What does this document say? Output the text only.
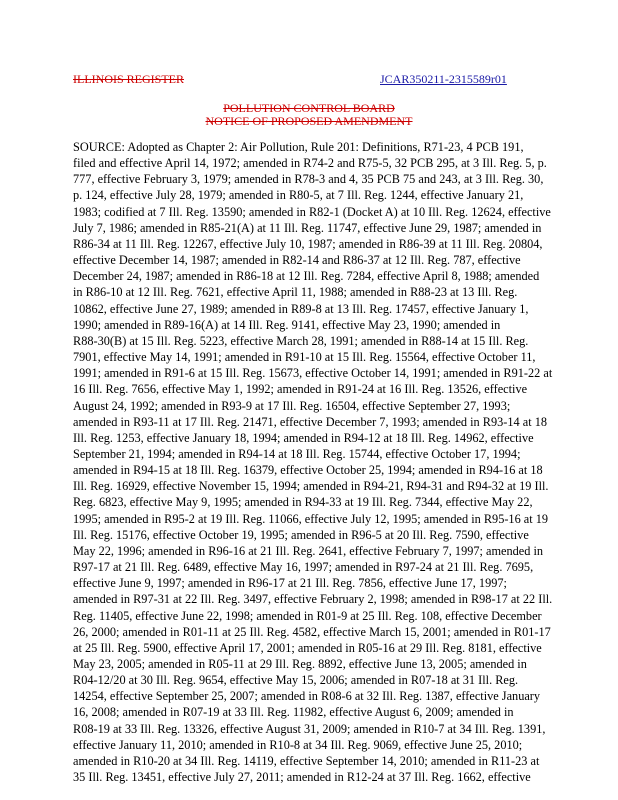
ILLINOIS REGISTER	JCAR350211-2315589r01
POLLUTION CONTROL BOARD
NOTICE OF PROPOSED AMENDMENT
SOURCE: Adopted as Chapter 2: Air Pollution, Rule 201: Definitions, R71-23, 4 PCB 191,
filed and effective April 14, 1972; amended in R74-2 and R75-5, 32 PCB 295, at 3 Ill. Reg. 5, p.
777, effective February 3, 1979; amended in R78-3 and 4, 35 PCB 75 and 243, at 3 Ill. Reg. 30,
p. 124, effective July 28, 1979; amended in R80-5, at 7 Ill. Reg. 1244, effective January 21,
1983; codified at 7 Ill. Reg. 13590; amended in R82-1 (Docket A) at 10 Ill. Reg. 12624, effective
July 7, 1986; amended in R85-21(A) at 11 Ill. Reg. 11747, effective June 29, 1987; amended in
R86-34 at 11 Ill. Reg. 12267, effective July 10, 1987; amended in R86-39 at 11 Ill. Reg. 20804,
effective December 14, 1987; amended in R82-14 and R86-37 at 12 Ill. Reg. 787, effective
December 24, 1987; amended in R86-18 at 12 Ill. Reg. 7284, effective April 8, 1988; amended
in R86-10 at 12 Ill. Reg. 7621, effective April 11, 1988; amended in R88-23 at 13 Ill. Reg.
10862, effective June 27, 1989; amended in R89-8 at 13 Ill. Reg. 17457, effective January 1,
1990; amended in R89-16(A) at 14 Ill. Reg. 9141, effective May 23, 1990; amended in
R88-30(B) at 15 Ill. Reg. 5223, effective March 28, 1991; amended in R88-14 at 15 Ill. Reg.
7901, effective May 14, 1991; amended in R91-10 at 15 Ill. Reg. 15564, effective October 11,
1991; amended in R91-6 at 15 Ill. Reg. 15673, effective October 14, 1991; amended in R91-22 at
16 Ill. Reg. 7656, effective May 1, 1992; amended in R91-24 at 16 Ill. Reg. 13526, effective
August 24, 1992; amended in R93-9 at 17 Ill. Reg. 16504, effective September 27, 1993;
amended in R93-11 at 17 Ill. Reg. 21471, effective December 7, 1993; amended in R93-14 at 18
Ill. Reg. 1253, effective January 18, 1994; amended in R94-12 at 18 Ill. Reg. 14962, effective
September 21, 1994; amended in R94-14 at 18 Ill. Reg. 15744, effective October 17, 1994;
amended in R94-15 at 18 Ill. Reg. 16379, effective October 25, 1994; amended in R94-16 at 18
Ill. Reg. 16929, effective November 15, 1994; amended in R94-21, R94-31 and R94-32 at 19 Ill.
Reg. 6823, effective May 9, 1995; amended in R94-33 at 19 Ill. Reg. 7344, effective May 22,
1995; amended in R95-2 at 19 Ill. Reg. 11066, effective July 12, 1995; amended in R95-16 at 19
Ill. Reg. 15176, effective October 19, 1995; amended in R96-5 at 20 Ill. Reg. 7590, effective
May 22, 1996; amended in R96-16 at 21 Ill. Reg. 2641, effective February 7, 1997; amended in
R97-17 at 21 Ill. Reg. 6489, effective May 16, 1997; amended in R97-24 at 21 Ill. Reg. 7695,
effective June 9, 1997; amended in R96-17 at 21 Ill. Reg. 7856, effective June 17, 1997;
amended in R97-31 at 22 Ill. Reg. 3497, effective February 2, 1998; amended in R98-17 at 22 Ill.
Reg. 11405, effective June 22, 1998; amended in R01-9 at 25 Ill. Reg. 108, effective December
26, 2000; amended in R01-11 at 25 Ill. Reg. 4582, effective March 15, 2001; amended in R01-17
at 25 Ill. Reg. 5900, effective April 17, 2001; amended in R05-16 at 29 Ill. Reg. 8181, effective
May 23, 2005; amended in R05-11 at 29 Ill. Reg. 8892, effective June 13, 2005; amended in
R04-12/20 at 30 Ill. Reg. 9654, effective May 15, 2006; amended in R07-18 at 31 Ill. Reg.
14254, effective September 25, 2007; amended in R08-6 at 32 Ill. Reg. 1387, effective January
16, 2008; amended in R07-19 at 33 Ill. Reg. 11982, effective August 6, 2009; amended in
R08-19 at 33 Ill. Reg. 13326, effective August 31, 2009; amended in R10-7 at 34 Ill. Reg. 1391,
effective January 11, 2010; amended in R10-8 at 34 Ill. Reg. 9069, effective June 25, 2010;
amended in R10-20 at 34 Ill. Reg. 14119, effective September 14, 2010; amended in R11-23 at
35 Ill. Reg. 13451, effective July 27, 2011; amended in R12-24 at 37 Ill. Reg. 1662, effective
